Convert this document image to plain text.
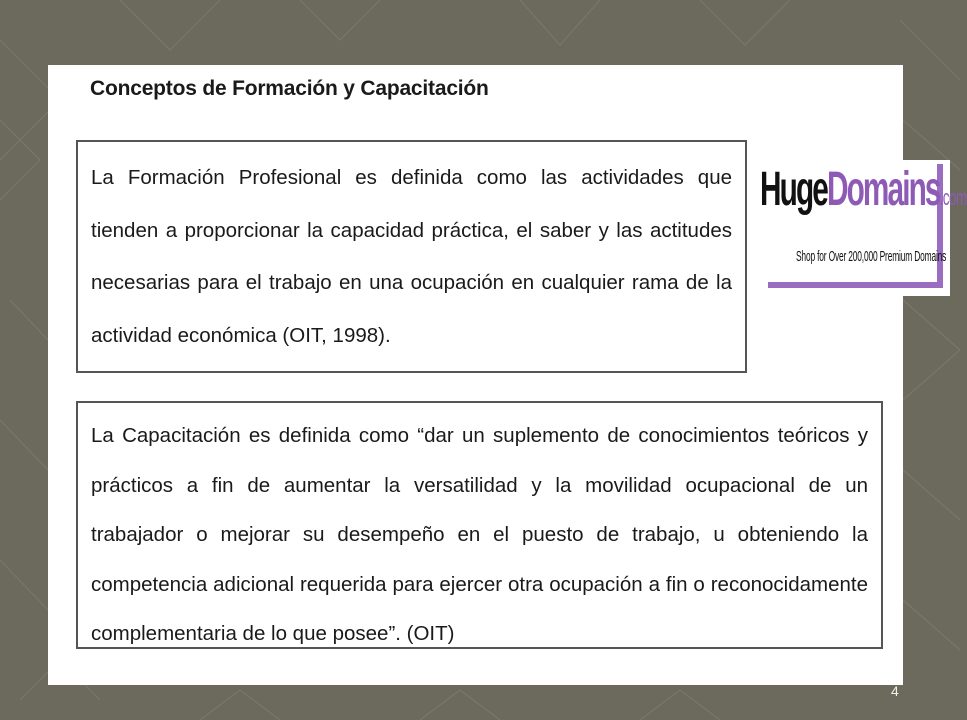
Conceptos de Formación y Capacitación

La Formación Profesional es definida como las actividades que tienden a proporcionar la capacidad práctica, el saber y las actitudes necesarias para el trabajo en una ocupación en cualquier rama de la actividad económica (OIT, 1998).

La Capacitación es definida como “dar un suplemento de conocimientos teóricos y prácticos a fin de aumentar la versatilidad y la movilidad ocupacional de un trabajador o mejorar su desempeño en el puesto de trabajo, u obteniendo la competencia adicional requerida para ejercer otra ocupación a fin o reconocidamente complementaria de lo que posee”. (OIT)

HugeDomains.com
Shop for Over 200,000 Premium Domains
4
